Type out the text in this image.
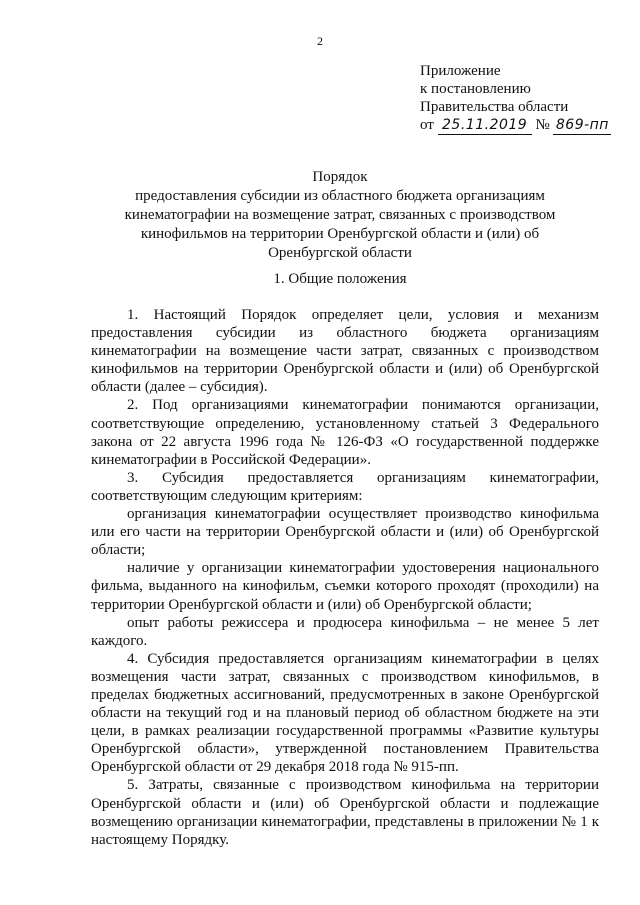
2
Приложение
к постановлению
Правительства области
от 25.11.2019 № 869-пп
Порядок
предоставления субсидии из областного бюджета организациям
кинематографии на возмещение затрат, связанных с производством
кинофильмов на территории Оренбургской области и (или) об
Оренбургской области
1. Общие положения

1. Настоящий Порядок определяет цели, условия и механизм предоставления субсидии из областного бюджета организациям кинематографии на возмещение части затрат, связанных с производством кинофильмов на территории Оренбургской области и (или) об Оренбургской области (далее – субсидия).

2. Под организациями кинематографии понимаются организации, соответствующие определению, установленному статьей 3 Федерального закона от 22 августа 1996 года № 126-ФЗ «О государственной поддержке кинематографии в Российской Федерации».

3. Субсидия предоставляется организациям кинематографии, соответствующим следующим критериям:

организация кинематографии осуществляет производство кинофильма или его части на территории Оренбургской области и (или) об Оренбургской области;

наличие у организации кинематографии удостоверения национального фильма, выданного на кинофильм, съемки которого проходят (проходили) на территории Оренбургской области и (или) об Оренбургской области;

опыт работы режиссера и продюсера кинофильма – не менее 5 лет каждого.

4. Субсидия предоставляется организациям кинематографии в целях возмещения части затрат, связанных с производством кинофильмов, в пределах бюджетных ассигнований, предусмотренных в законе Оренбургской области на текущий год и на плановый период об областном бюджете на эти цели, в рамках реализации государственной программы «Развитие культуры Оренбургской области», утвержденной постановлением Правительства Оренбургской области от 29 декабря 2018 года № 915-пп.

5. Затраты, связанные с производством кинофильма на территории Оренбургской области и (или) об Оренбургской области и подлежащие возмещению организации кинематографии, представлены в приложении № 1 к настоящему Порядку.
